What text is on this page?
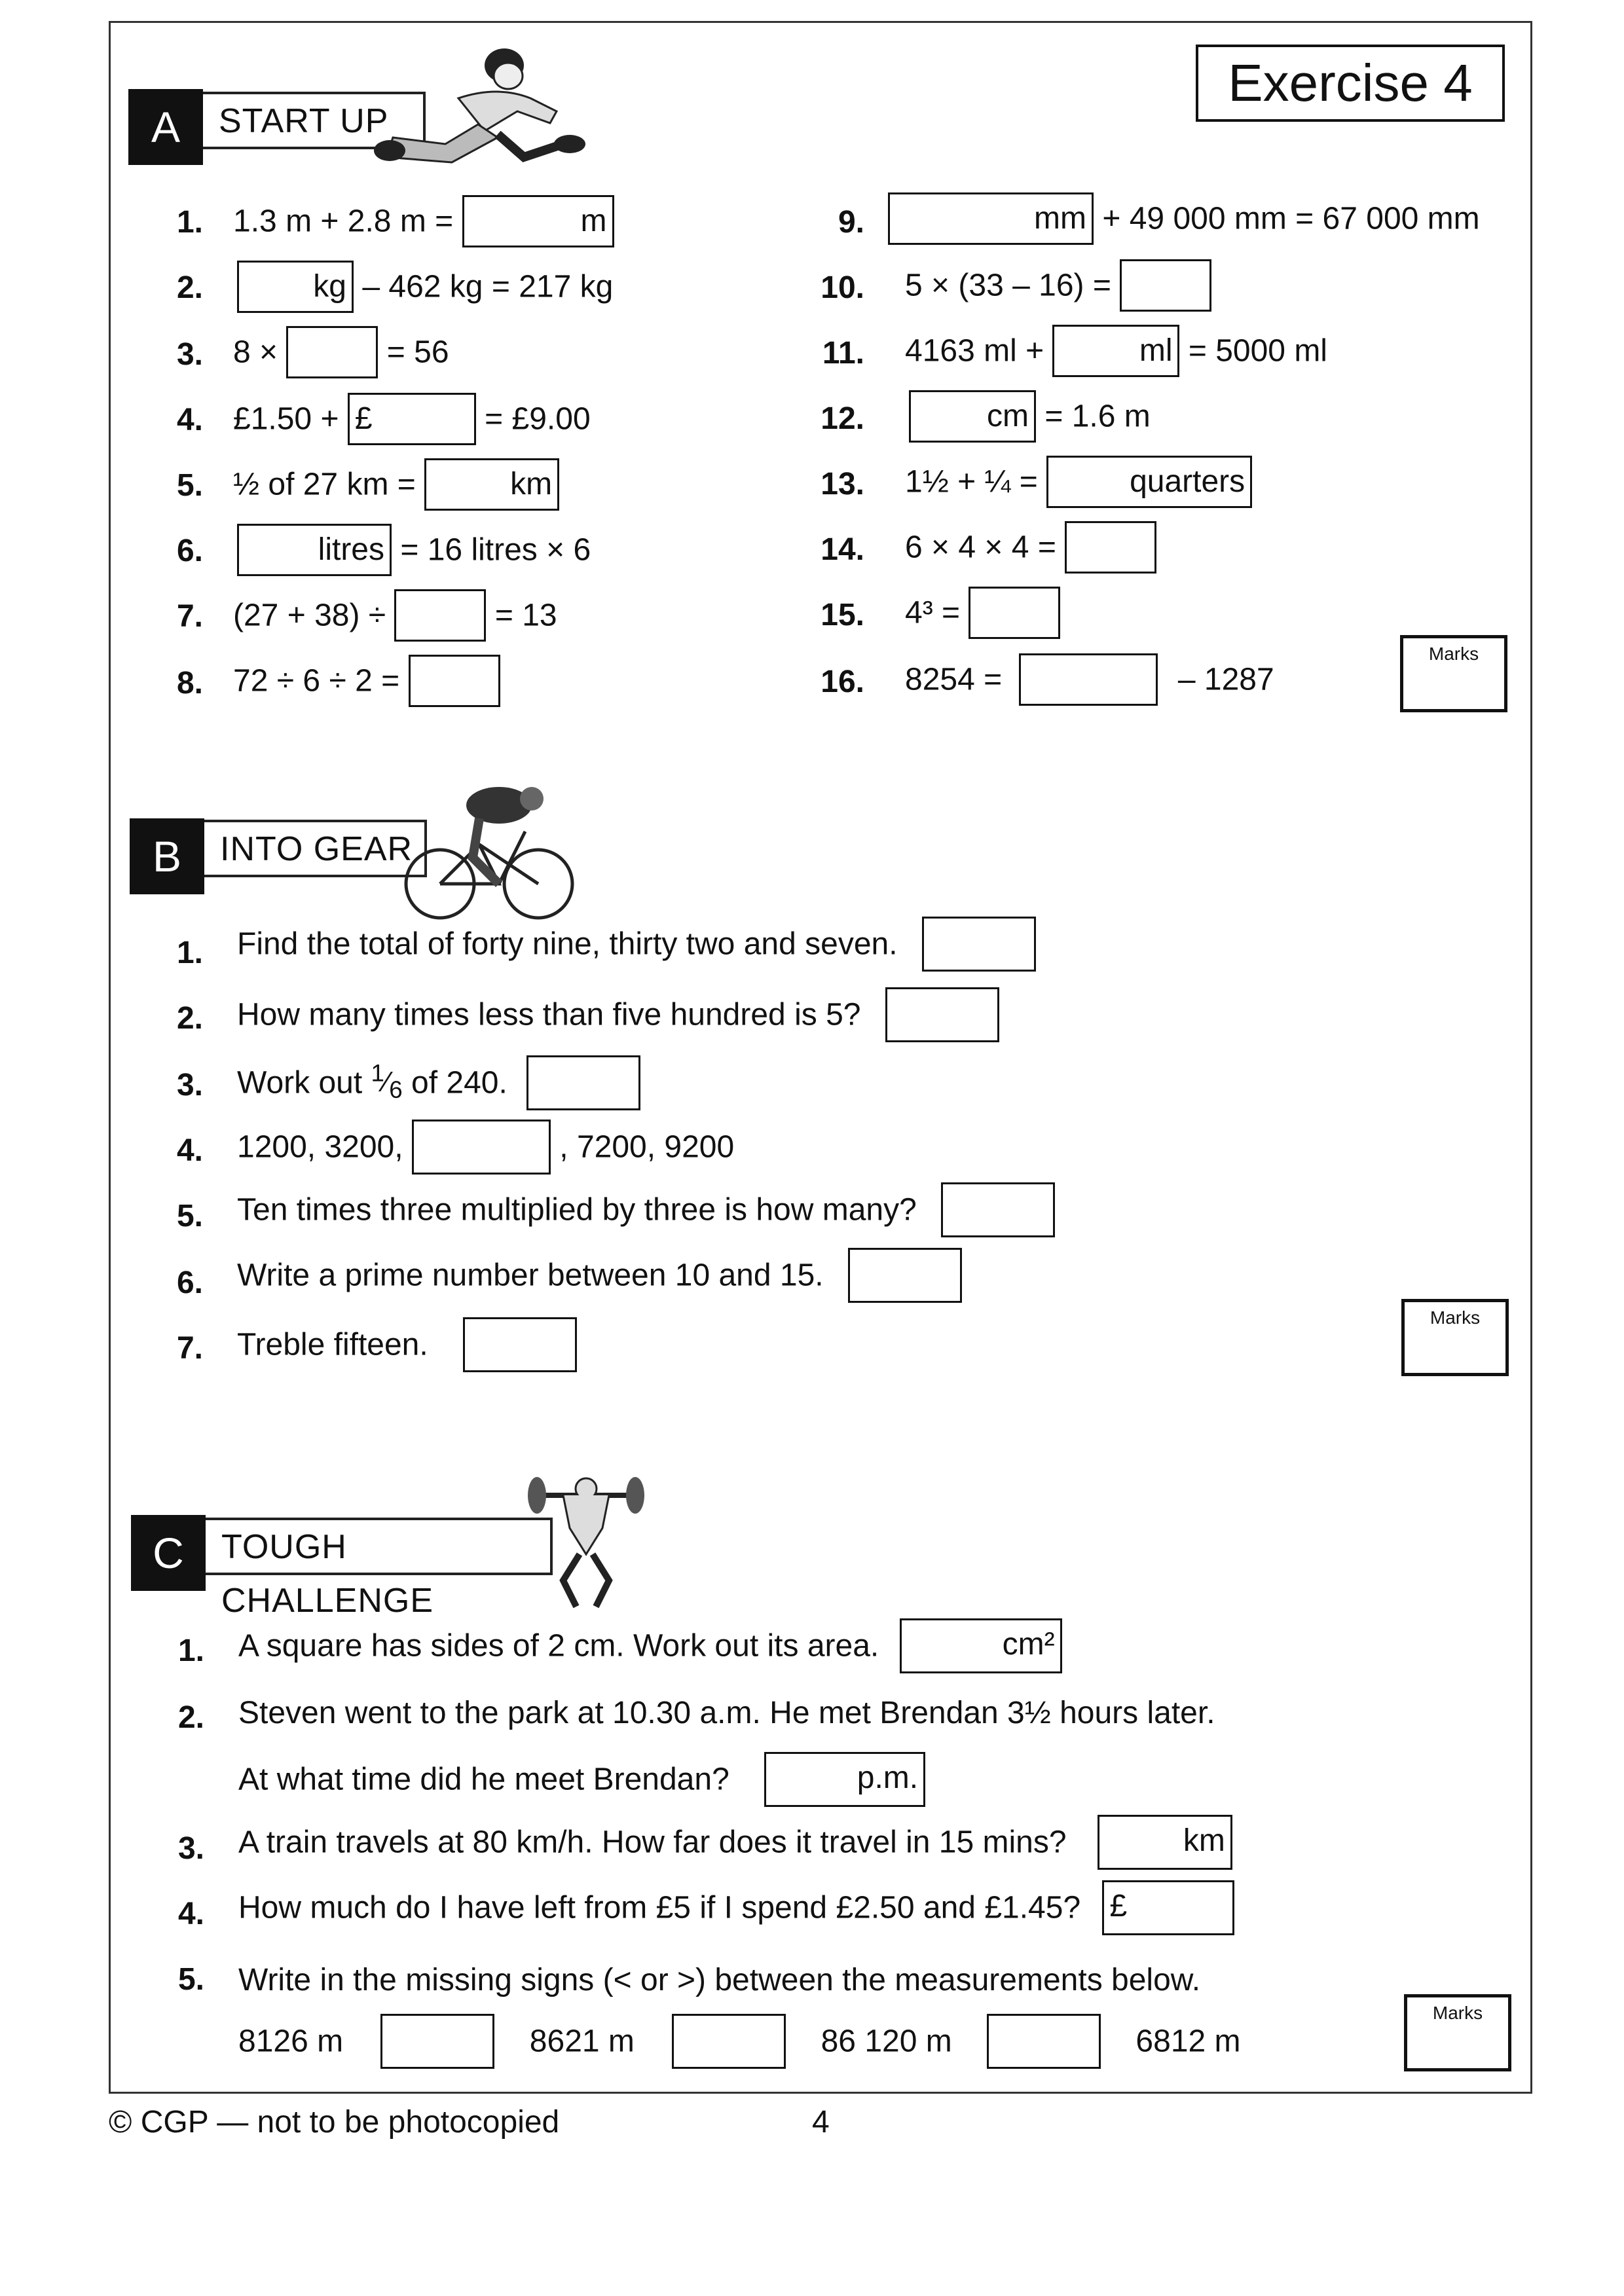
Exercise 4
A	START UP
1. 1.3 m + 2.8 m =	m
2.	kg – 462 kg = 217 kg
3. 8 ×	= 56
4. £1.50 + £	= £9.00
5. ½ of 27 km =	km
6.	litres = 16 litres × 6
7. (27 + 38) ÷	= 13
8. 72 ÷ 6 ÷ 2 =
9.	mm + 49 000 mm = 67 000 mm
10. 5 × (33 – 16) =
11. 4163 ml +	ml = 5000 ml
12.	cm = 1.6 m
13. 1½ + ¼ =	quarters
14. 6 × 4 × 4 =
15. 4³ =
16. 8254 =	– 1287
Marks
B	INTO GEAR
1. Find the total of forty nine, thirty two and seven.
2. How many times less than five hundred is 5?
3. Work out $^1⁄_6$ of 240.
4. 1200, 3200,	, 7200, 9200
5. Ten times three multiplied by three is how many?
6. Write a prime number between 10 and 15.
7. Treble fifteen.
Marks
C	TOUGH CHALLENGE
1. A square has sides of 2 cm. Work out its area.	cm²
2. Steven went to the park at 10.30 a.m. He met Brendan 3½ hours later.
At what time did he meet Brendan?	p.m.
3. A train travels at 80 km/h. How far does it travel in 15 mins?	km
4. How much do I have left from £5 if I spend £2.50 and £1.45? £
5. Write in the missing signs (< or >) between the measurements below.
8126 m	8621 m	86 120 m	6812 m
Marks
© CGP — not to be photocopied	4
